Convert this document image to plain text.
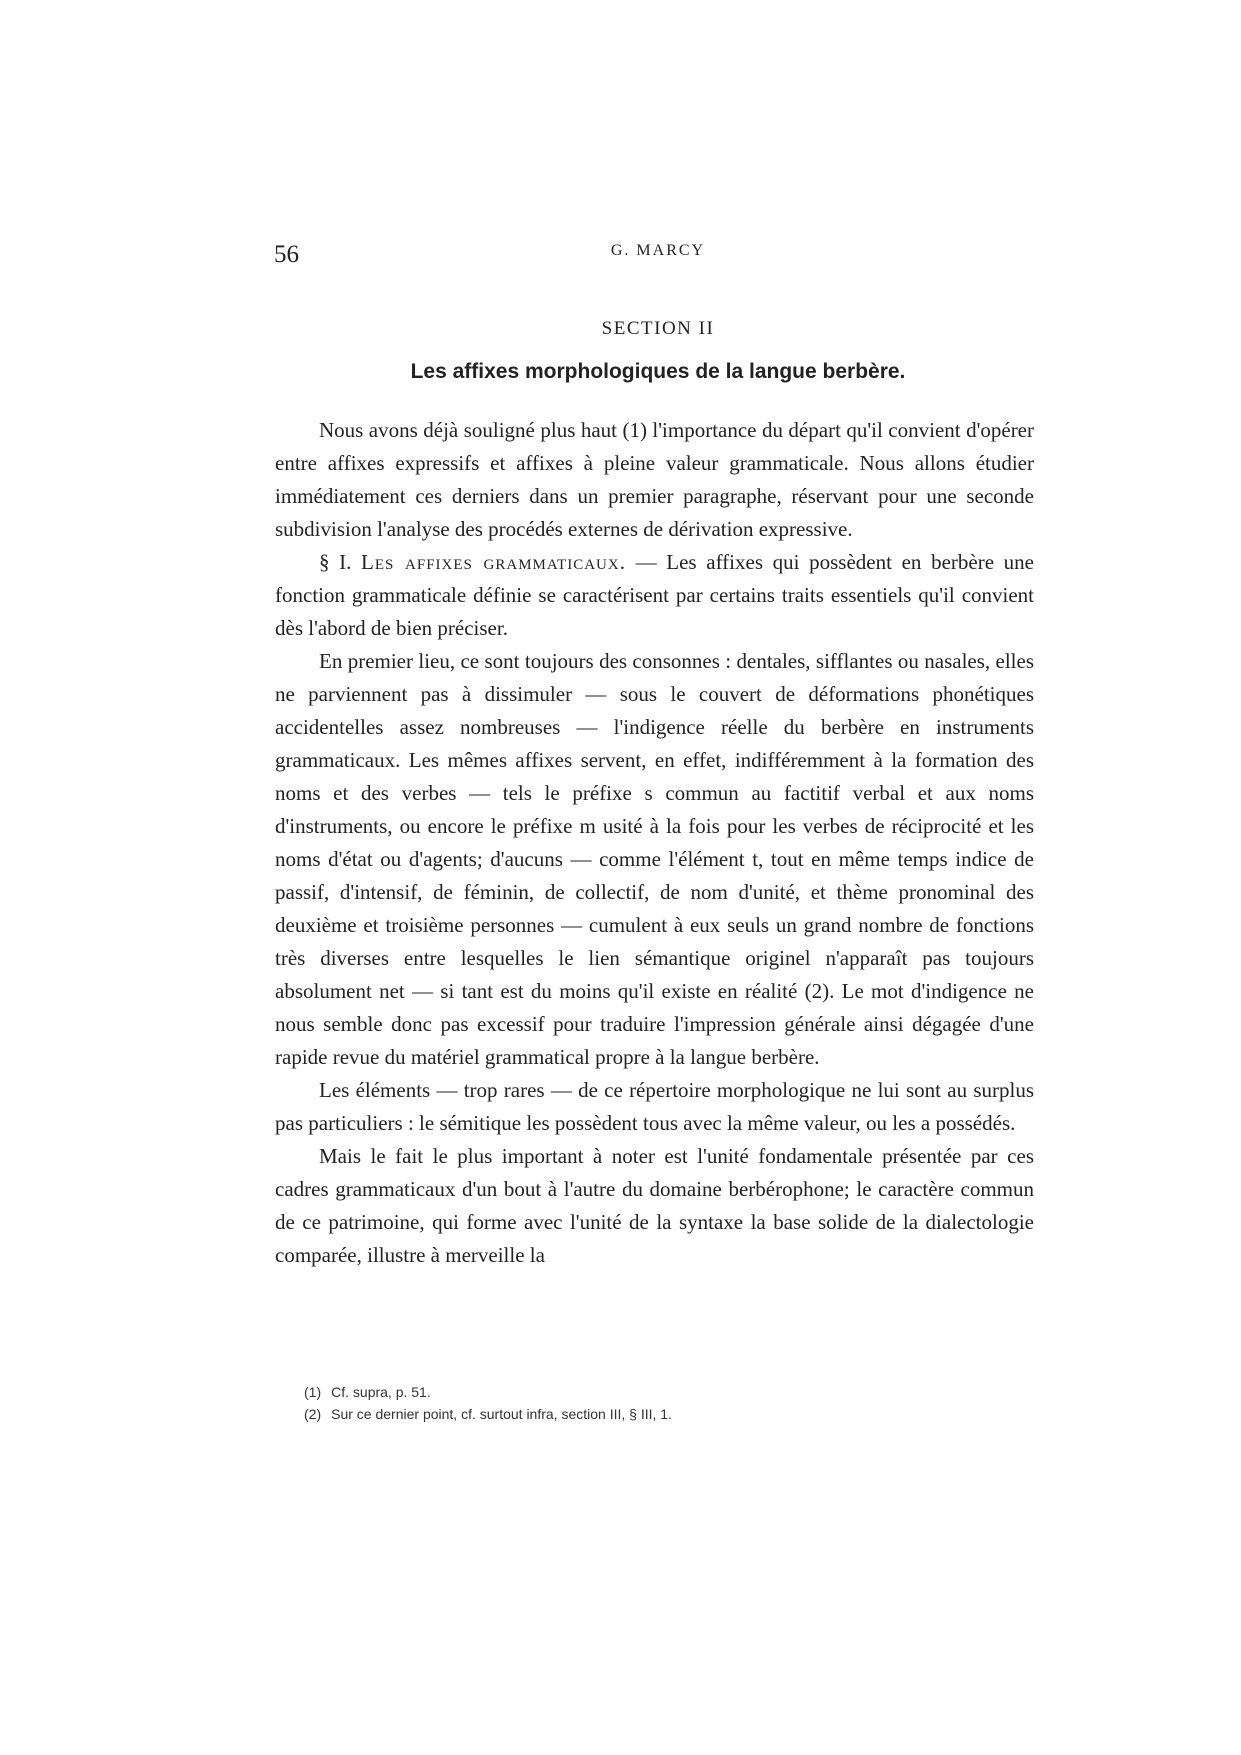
56	G. MARCY
SECTION II
Les affixes morphologiques de la langue berbère.

Nous avons déjà souligné plus haut (1) l'importance du départ qu'il convient d'opérer entre affixes expressifs et affixes à pleine valeur grammaticale. Nous allons étudier immédiatement ces derniers dans un premier paragraphe, réservant pour une seconde subdivision l'analyse des procédés externes de dérivation expressive.

§ I. Les affixes grammaticaux. — Les affixes qui possèdent en berbère une fonction grammaticale définie se caractérisent par certains traits essentiels qu'il convient dès l'abord de bien préciser.

En premier lieu, ce sont toujours des consonnes : dentales, sifflantes ou nasales, elles ne parviennent pas à dissimuler — sous le couvert de déformations phonétiques accidentelles assez nombreuses — l'indigence réelle du berbère en instruments grammaticaux. Les mêmes affixes servent, en effet, indifféremment à la formation des noms et des verbes — tels le préfixe s commun au factitif verbal et aux noms d'instruments, ou encore le préfixe m usité à la fois pour les verbes de réciprocité et les noms d'état ou d'agents; d'aucuns — comme l'élément t, tout en même temps indice de passif, d'intensif, de féminin, de collectif, de nom d'unité, et thème pronominal des deuxième et troisième personnes — cumulent à eux seuls un grand nombre de fonctions très diverses entre lesquelles le lien sémantique originel n'apparaît pas toujours absolument net — si tant est du moins qu'il existe en réalité (2). Le mot d'indigence ne nous semble donc pas excessif pour traduire l'impression générale ainsi dégagée d'une rapide revue du matériel grammatical propre à la langue berbère.

Les éléments — trop rares — de ce répertoire morphologique ne lui sont au surplus pas particuliers : le sémitique les possèdent tous avec la même valeur, ou les a possédés.

Mais le fait le plus important à noter est l'unité fondamentale présentée par ces cadres grammaticaux d'un bout à l'autre du domaine berbérophone; le caractère commun de ce patrimoine, qui forme avec l'unité de la syntaxe la base solide de la dialectologie comparée, illustre à merveille la

(1) Cf. supra, p. 51.
(2) Sur ce dernier point, cf. surtout infra, section III, § III, 1.
